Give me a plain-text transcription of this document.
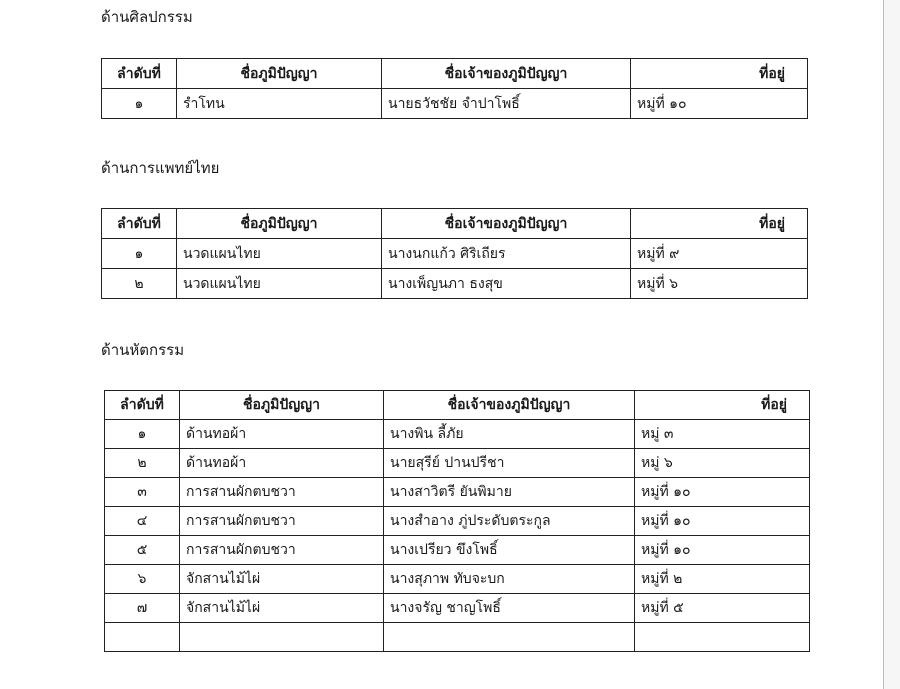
ด้านศิลปกรรม
ลำดับที่	ชื่อภูมิปัญญา	ชื่อเจ้าของภูมิปัญญา	ที่อยู่
๑	รำโทน	นายธวัชชัย จำปาโพธิ์	หมู่ที่ ๑๐
ด้านการแพทย์ไทย
ลำดับที่	ชื่อภูมิปัญญา	ชื่อเจ้าของภูมิปัญญา	ที่อยู่
๑	นวดแผนไทย	นางนกแก้ว ศิริเถียร	หมู่ที่ ๙
๒	นวดแผนไทย	นางเพ็ญนภา ธงสุข	หมู่ที่ ๖
ด้านหัตกรรม
ลำดับที่	ชื่อภูมิปัญญา	ชื่อเจ้าของภูมิปัญญา	ที่อยู่
๑	ด้านทอผ้า	นางพิน ลี้ภัย	หมู่ ๓
๒	ด้านทอผ้า	นายสุรีย์ ปานปรีชา	หมู่ ๖
๓	การสานผักตบชวา	นางสาวิตรี ยันพิมาย	หมู่ที่ ๑๐
๔	การสานผักตบชวา	นางสำอาง ภู่ประดับตระกูล	หมู่ที่ ๑๐
๕	การสานผักตบชวา	นางเปรียว ขึงโพธิ์	หมู่ที่ ๑๐
๖	จักสานไม้ไผ่	นางสุภาพ ทับจะบก	หมู่ที่ ๒
๗	จักสานไม้ไผ่	นางจรัญ ชาญโพธิ์	หมู่ที่ ๕
